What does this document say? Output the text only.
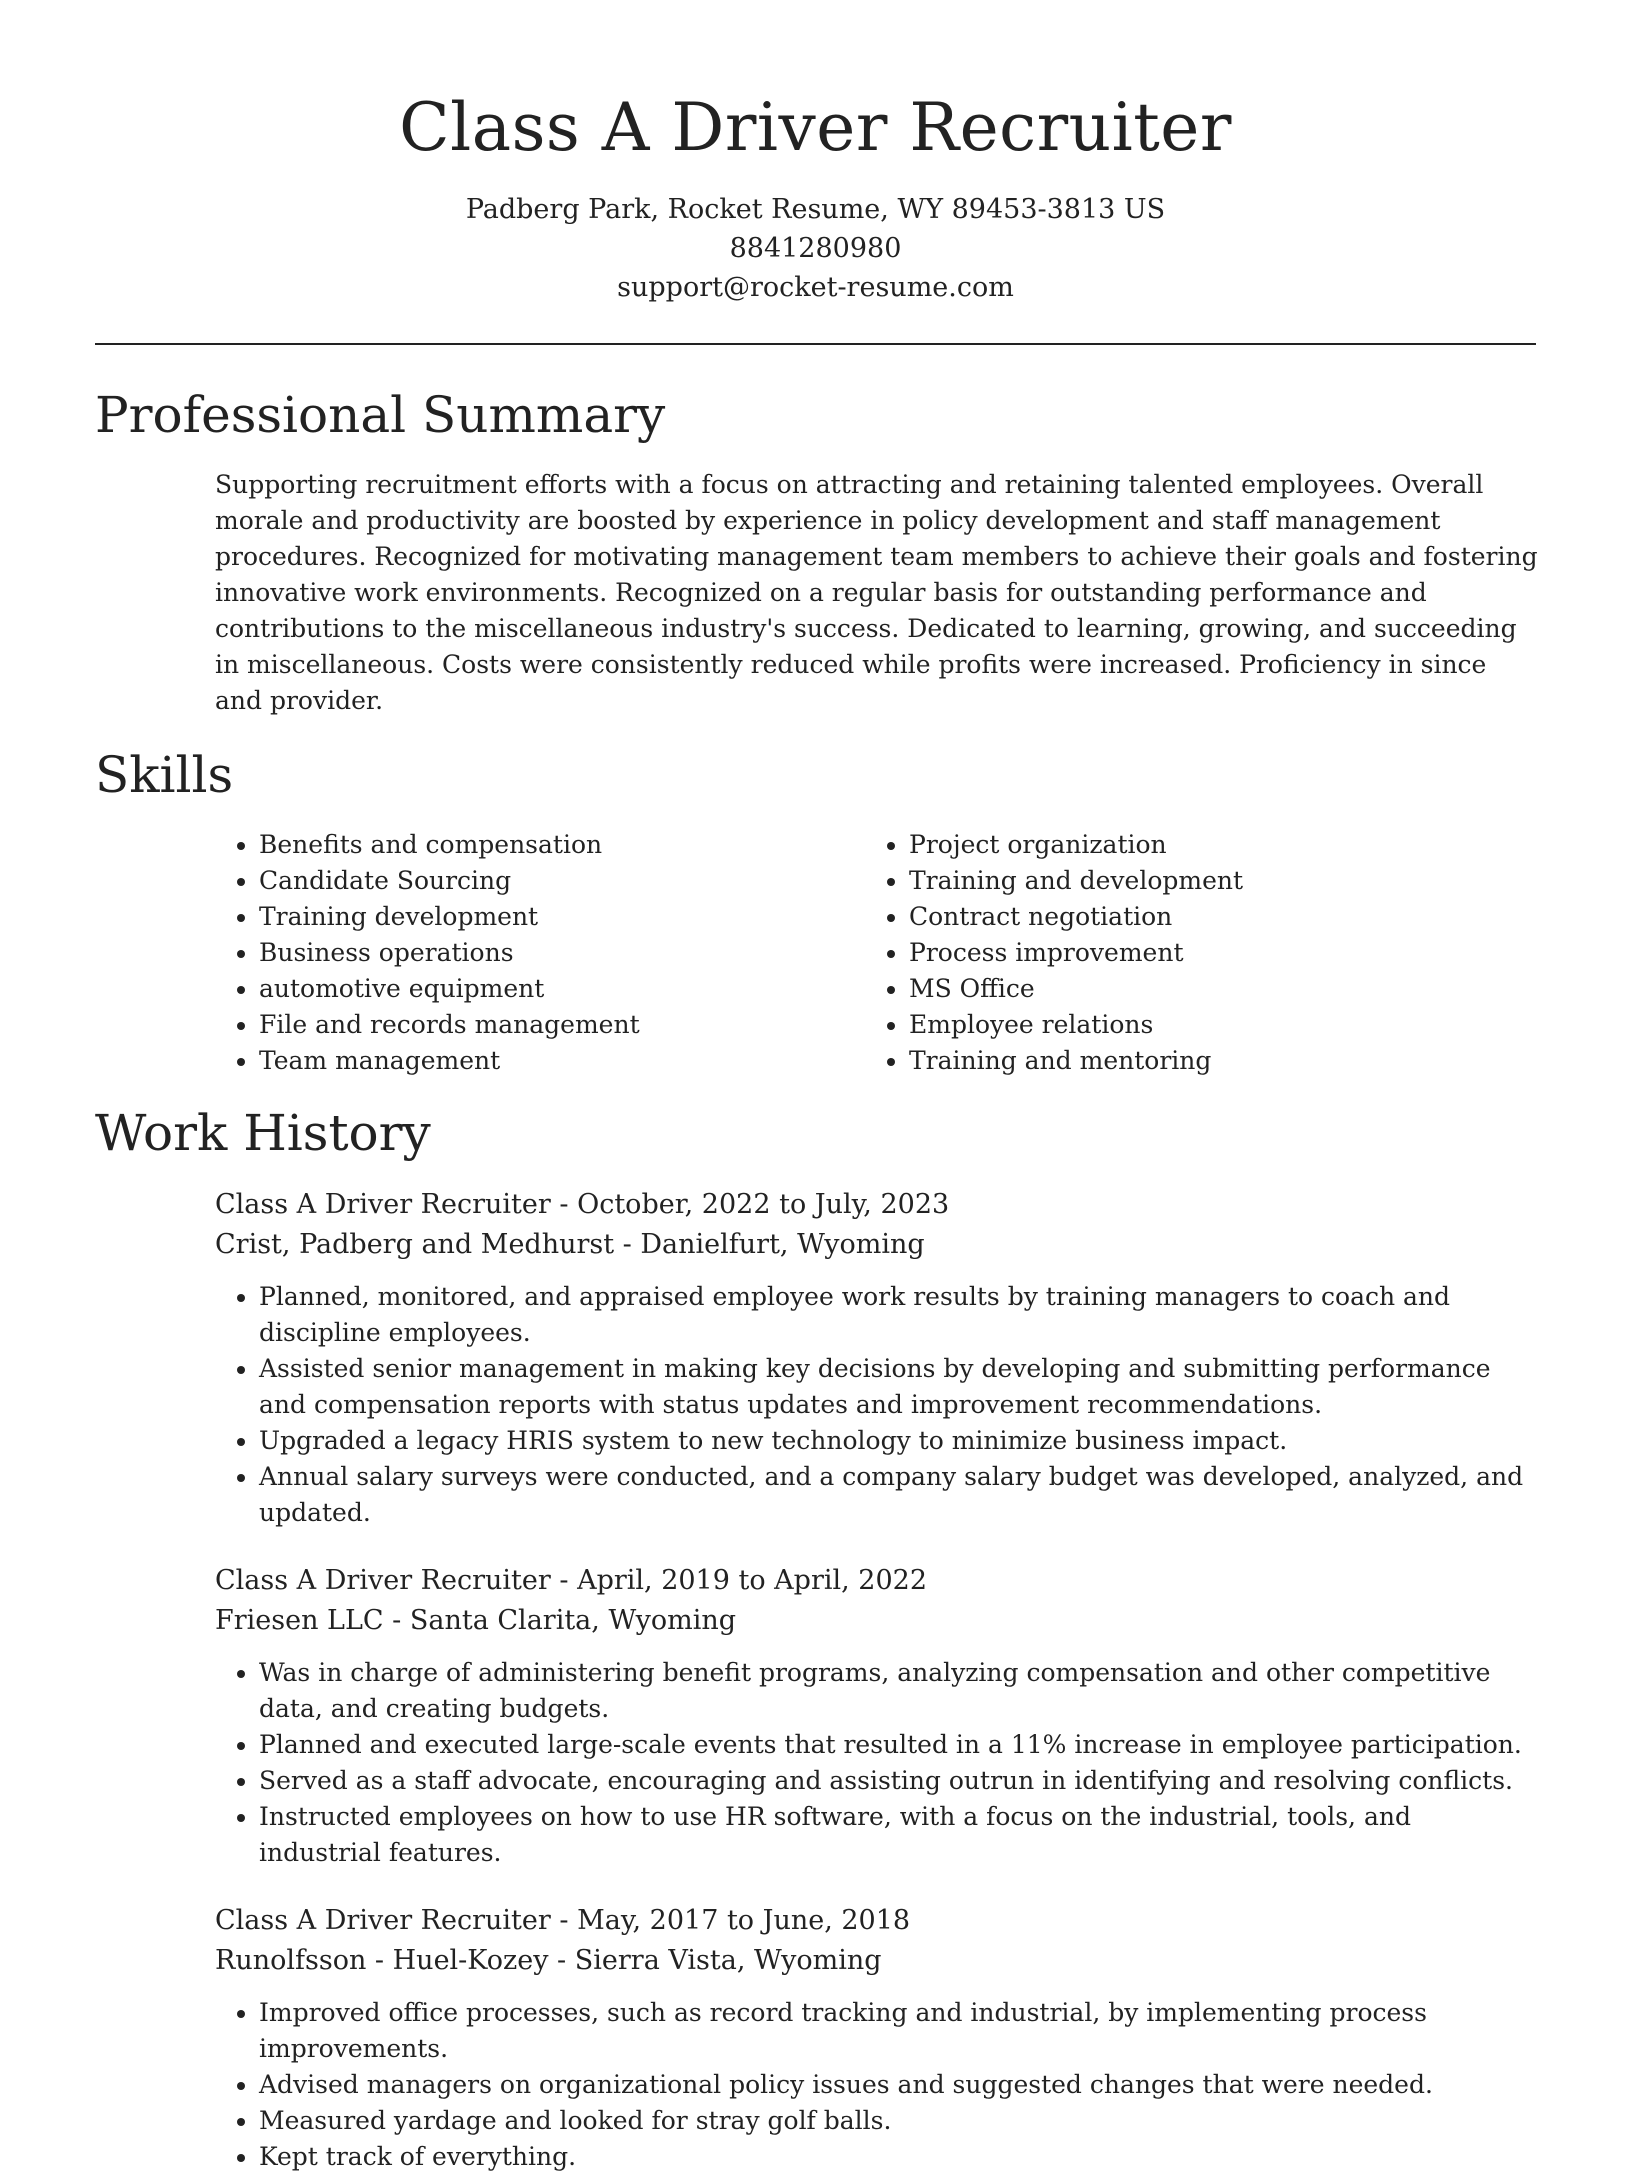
Class A Driver Recruiter
Padberg Park, Rocket Resume, WY 89453-3813 US
8841280980
support@rocket-resume.com
Professional Summary

Supporting recruitment efforts with a focus on attracting and retaining talented employees. Overall morale and productivity are boosted by experience in policy development and staff management procedures. Recognized for motivating management team members to achieve their goals and fostering innovative work environments. Recognized on a regular basis for outstanding performance and contributions to the miscellaneous industry's success. Dedicated to learning, growing, and succeeding in miscellaneous. Costs were consistently reduced while profits were increased. Proficiency in since and provider.

Skills
• Benefits and compensation
• Candidate Sourcing
• Training development
• Business operations
• automotive equipment
• File and records management
• Team management
• Project organization
• Training and development
• Contract negotiation
• Process improvement
• MS Office
• Employee relations
• Training and mentoring
Work History
Class A Driver Recruiter - October, 2022 to July, 2023
Crist, Padberg and Medhurst - Danielfurt, Wyoming
• Planned, monitored, and appraised employee work results by training managers to coach and discipline employees.
• Assisted senior management in making key decisions by developing and submitting performance and compensation reports with status updates and improvement recommendations.
• Upgraded a legacy HRIS system to new technology to minimize business impact.
• Annual salary surveys were conducted, and a company salary budget was developed, analyzed, and updated.
Class A Driver Recruiter - April, 2019 to April, 2022
Friesen LLC - Santa Clarita, Wyoming
• Was in charge of administering benefit programs, analyzing compensation and other competitive data, and creating budgets.
• Planned and executed large-scale events that resulted in a 11% increase in employee participation.
• Served as a staff advocate, encouraging and assisting outrun in identifying and resolving conflicts.
• Instructed employees on how to use HR software, with a focus on the industrial, tools, and industrial features.
Class A Driver Recruiter - May, 2017 to June, 2018
Runolfsson - Huel-Kozey - Sierra Vista, Wyoming
• Improved office processes, such as record tracking and industrial, by implementing process improvements.
• Advised managers on organizational policy issues and suggested changes that were needed.
• Measured yardage and looked for stray golf balls.
• Kept track of everything.
